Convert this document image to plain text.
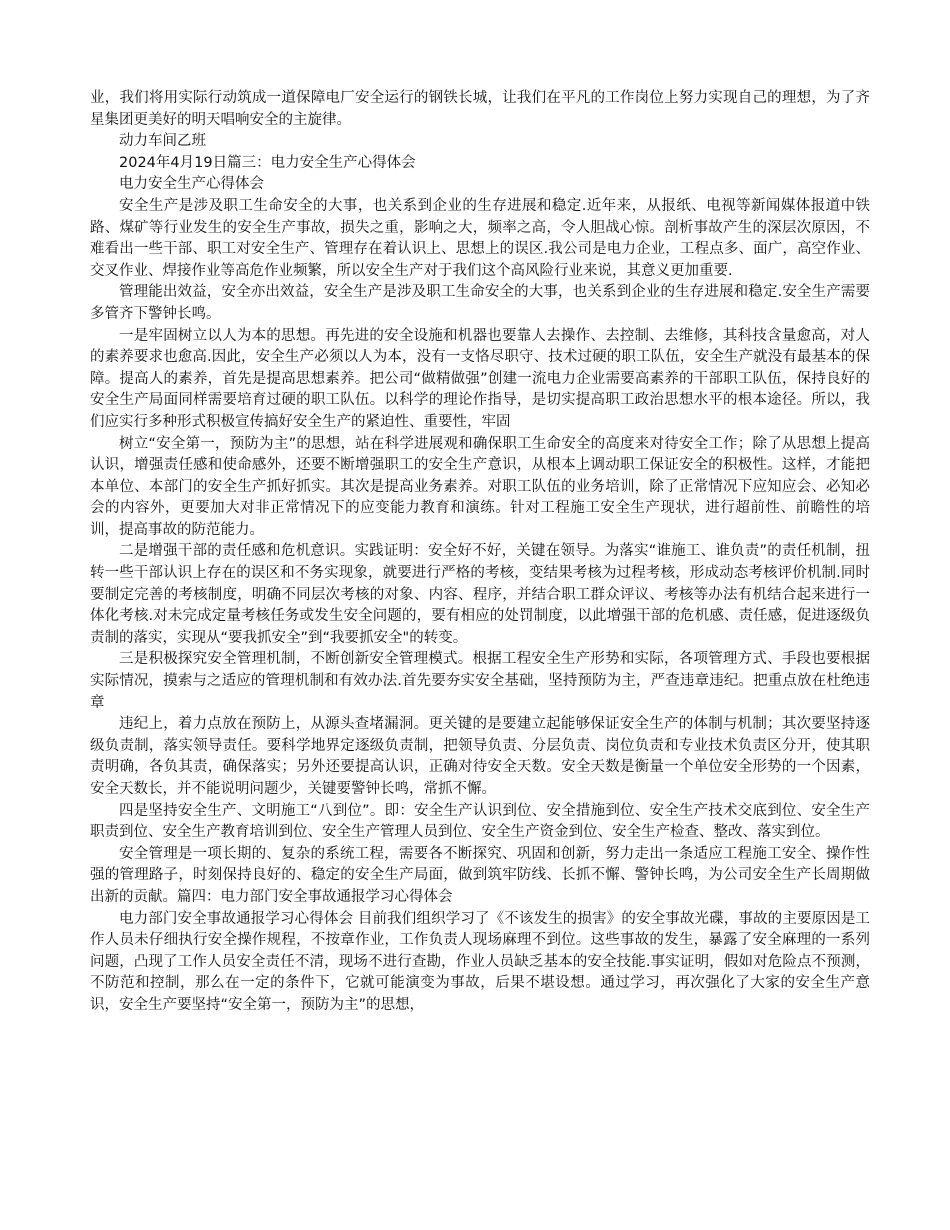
业，我们将用实际行动筑成一道保障电厂安全运行的钢铁长城，让我们在平凡的工作岗位上努力实现自己的理想，为了齐星集团更美好的明天唱响安全的主旋律。

动力车间乙班

2024年4月19日篇三：电力安全生产心得体会

电力安全生产心得体会

安全生产是涉及职工生命安全的大事，也关系到企业的生存进展和稳定.近年来，从报纸、电视等新闻媒体报道中铁路、煤矿等行业发生的安全生产事故，损失之重，影响之大，频率之高，令人胆战心惊。剖析事故产生的深层次原因，不难看出一些干部、职工对安全生产、管理存在着认识上、思想上的误区.我公司是电力企业，工程点多、面广，高空作业、交叉作业、焊接作业等高危作业频繁，所以安全生产对于我们这个高风险行业来说，其意义更加重要.

管理能出效益，安全亦出效益，安全生产是涉及职工生命安全的大事，也关系到企业的生存进展和稳定.安全生产需要多管齐下警钟长鸣。

一是牢固树立以人为本的思想。再先进的安全设施和机器也要靠人去操作、去控制、去维修，其科技含量愈高，对人的素养要求也愈高.因此，安全生产必须以人为本，没有一支恪尽职守、技术过硬的职工队伍，安全生产就没有最基本的保障。提高人的素养，首先是提高思想素养。把公司“做精做强”创建一流电力企业需要高素养的干部职工队伍，保持良好的安全生产局面同样需要培育过硬的职工队伍。以科学的理论作指导，是切实提高职工政治思想水平的根本途径。所以，我们应实行多种形式积极宣传搞好安全生产的紧迫性、重要性，牢固

树立“安全第一，预防为主”的思想，站在科学进展观和确保职工生命安全的高度来对待安全工作；除了从思想上提高认识，增强责任感和使命感外，还要不断增强职工的安全生产意识，从根本上调动职工保证安全的积极性。这样，才能把本单位、本部门的安全生产抓好抓实。其次是提高业务素养。对职工队伍的业务培训，除了正常情况下应知应会、必知必会的内容外，更要加大对非正常情况下的应变能力教育和演练。针对工程施工安全生产现状，进行超前性、前瞻性的培训，提高事故的防范能力。

二是增强干部的责任感和危机意识。实践证明：安全好不好，关键在领导。为落实“谁施工、谁负责”的责任机制，扭转一些干部认识上存在的误区和不务实现象，就要进行严格的考核，变结果考核为过程考核，形成动态考核评价机制.同时要制定完善的考核制度，明确不同层次考核的对象、内容、程序，并结合职工群众评议、考核等办法有机结合起来进行一体化考核.对未完成定量考核任务或发生安全问题的，要有相应的处罚制度，以此增强干部的危机感、责任感，促进逐级负责制的落实，实现从“要我抓安全”到“我要抓安全"的转变。

三是积极探究安全管理机制，不断创新安全管理模式。根据工程安全生产形势和实际，各项管理方式、手段也要根据实际情况，摸索与之适应的管理机制和有效办法.首先要夯实安全基础，坚持预防为主，严查违章违纪。把重点放在杜绝违章

违纪上，着力点放在预防上，从源头查堵漏洞。更关键的是要建立起能够保证安全生产的体制与机制；其次要坚持逐级负责制，落实领导责任。要科学地界定逐级负责制，把领导负责、分层负责、岗位负责和专业技术负责区分开，使其职责明确，各负其责，确保落实；另外还要提高认识，正确对待安全天数。安全天数是衡量一个单位安全形势的一个因素，安全天数长，并不能说明问题少，关键要警钟长鸣，常抓不懈。

四是坚持安全生产、文明施工“八到位”。即：安全生产认识到位、安全措施到位、安全生产技术交底到位、安全生产职责到位、安全生产教育培训到位、安全生产管理人员到位、安全生产资金到位、安全生产检查、整改、落实到位。

安全管理是一项长期的、复杂的系统工程，需要各不断探究、巩固和创新，努力走出一条适应工程施工安全、操作性强的管理路子，时刻保持良好的、稳定的安全生产局面，做到筑牢防线、长抓不懈、警钟长鸣，为公司安全生产长周期做出新的贡献。篇四：电力部门安全事故通报学习心得体会

电力部门安全事故通报学习心得体会 目前我们组织学习了《不该发生的损害》的安全事故光碟，事故的主要原因是工作人员未仔细执行安全操作规程，不按章作业，工作负责人现场麻理不到位。这些事故的发生，暴露了安全麻理的一系列问题，凸现了工作人员安全责任不清，现场不进行查勘，作业人员缺乏基本的安全技能.事实证明，假如对危险点不预测，不防范和控制，那么在一定的条件下，它就可能演变为事故，后果不堪设想。通过学习，再次强化了大家的安全生产意识，安全生产要坚持“安全第一，预防为主”的思想，
